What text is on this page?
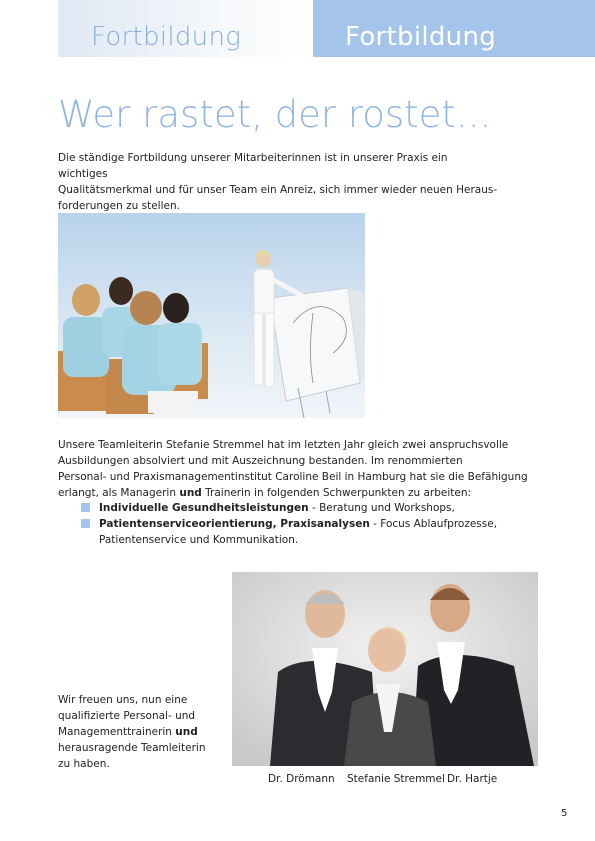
Fortbildung	Fortbildung
Wer rastet, der rostet...
Die ständige Fortbildung unserer Mitarbeiterinnen ist in unserer Praxis ein wichtiges
Qualitätsmerkmal und für unser Team ein Anreiz, sich immer wieder neuen Heraus-
forderungen zu stellen.
Unsere Teamleiterin Stefanie Stremmel hat im letzten Jahr gleich zwei anspruchsvolle
Ausbildungen absolviert und mit Auszeichnung bestanden. Im renommierten
Personal- und Praxismanagementinstitut Caroline Beil in Hamburg hat sie die Befähigung
erlangt, als Managerin und Trainerin in folgenden Schwerpunkten zu arbeiten:
Individuelle Gesundheitsleistungen - Beratung und Workshops,
Patientenserviceorientierung, Praxisanalysen - Focus Ablaufprozesse,
Patientenservice und Kommunikation.
Wir freuen uns, nun eine
qualifizierte Personal- und
Managementtrainerin und
herausragende Teamleiterin
zu haben.
Dr. Drömann Stefanie Stremmel Dr. Hartje
5
